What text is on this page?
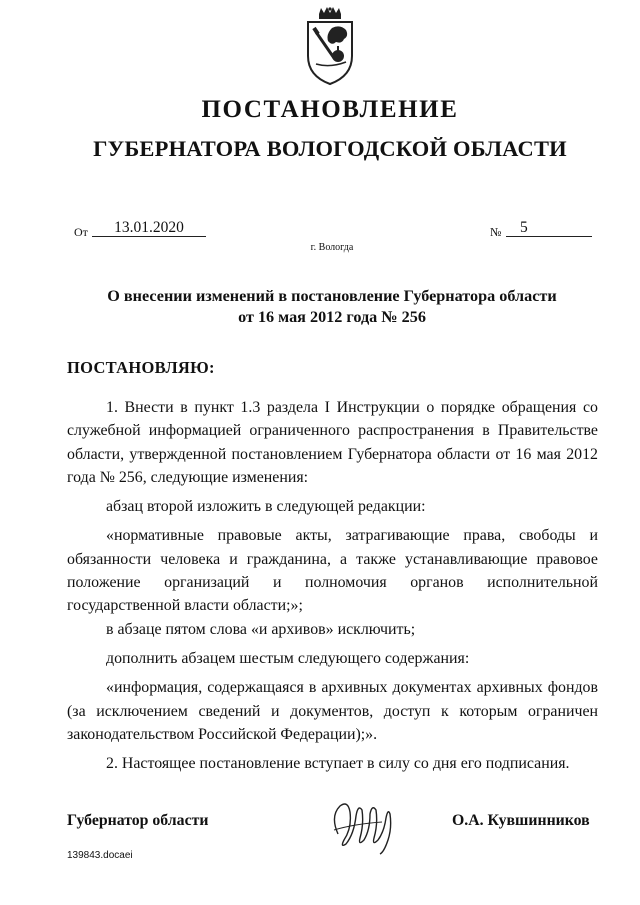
ПОСТАНОВЛЕНИЕ
ГУБЕРНАТОРА ВОЛОГОДСКОЙ ОБЛАСТИ
От	13.01.2020	№	5
г. Вологда
О внесении изменений в постановление Губернатора области
от 16 мая 2012 года № 256
ПОСТАНОВЛЯЮ:

1. Внести в пункт 1.3 раздела I Инструкции о порядке обращения со служебной информацией ограниченного распространения в Правительстве области, утвержденной постановлением Губернатора области от 16 мая 2012 года № 256, следующие изменения:

абзац второй изложить в следующей редакции:

«нормативные правовые акты, затрагивающие права, свободы и обязанности человека и гражданина, а также устанавливающие правовое положение организаций и полномочия органов исполнительной государственной власти области;»;

в абзаце пятом слова «и архивов» исключить;

дополнить абзацем шестым следующего содержания:

«информация, содержащаяся в архивных документах архивных фондов (за исключением сведений и документов, доступ к которым ограничен законодательством Российской Федерации);».

2. Настоящее постановление вступает в силу со дня его подписания.

Губернатор области	О.А. Кувшинников
139843.docaei
